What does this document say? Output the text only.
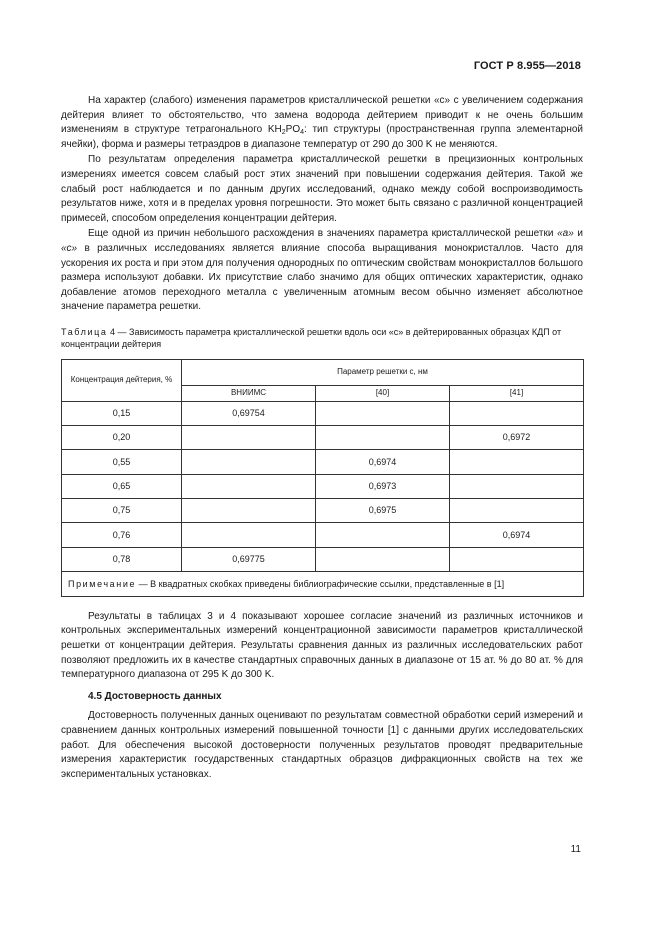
ГОСТ Р 8.955—2018

На характер (слабого) изменения параметров кристаллической решетки «c» c увеличением содержания дейтерия влияет то обстоятельство, что замена водорода дейтерием приводит к не очень большим изменениям в структуре тетрагонального $KH_2PO_4$: тип структуры (пространственная группа элементарной ячейки), форма и размеры тетраэдров в диапазоне температур от 290 до 300 K не меняются.

По результатам определения параметра кристаллической решетки в прецизионных контрольных измерениях имеется совсем слабый рост этих значений при повышении содержания дейтерия. Такой же слабый рост наблюдается и по данным других исследований, однако между собой воспроизводимость результатов ниже, хотя и в пределах уровня погрешности. Это может быть связано с различной концентрацией примесей, способом определения концентрации дейтерия.

Еще одной из причин небольшого расхождения в значениях параметра кристаллической решетки «a» и «c» в различных исследованиях является влияние способа выращивания монокристаллов. Часто для ускорения их роста и при этом для получения однородных по оптическим свойствам монокристаллов большого размера используют добавки. Их присутствие слабо значимо для общих оптических характеристик, однако добавление атомов переходного металла с увеличенным атомным весом обычно изменяет абсолютное значение параметра решетки.

Таблица 4 — Зависимость параметра кристаллической решетки вдоль оси «c» в дейтерированных образцах КДП от концентрации дейтерия

Концентрация дейтерия, %	Параметр решетки c, нм		
	ВНИИМС	[40]	[41]
0,15	0,69754		
0,20			0,6972
0,55		0,6974	
0,65		0,6973	
0,75		0,6975	
0,76			0,6974
0,78	0,69775		
Примечание — В квадратных скобках приведены библиографические ссылки, представленные в [1]			

Результаты в таблицах 3 и 4 показывают хорошее согласие значений из различных источников и контрольных экспериментальных измерений концентрационной зависимости параметров кристаллической решетки от концентрации дейтерия. Результаты сравнения данных из различных исследовательских работ позволяют предложить их в качестве стандартных справочных данных в диапазоне от 15 ат. % до 80 ат. % для температурного диапазона от 295 K до 300 K.

4.5 Достоверность данных

Достоверность полученных данных оценивают по результатам совместной обработки серий измерений и сравнением данных контрольных измерений повышенной точности [1] с данными других исследовательских работ. Для обеспечения высокой достоверности полученных результатов проводят предварительные измерения характеристик государственных стандартных образцов дифракционных свойств на тех же экспериментальных установках.

11
